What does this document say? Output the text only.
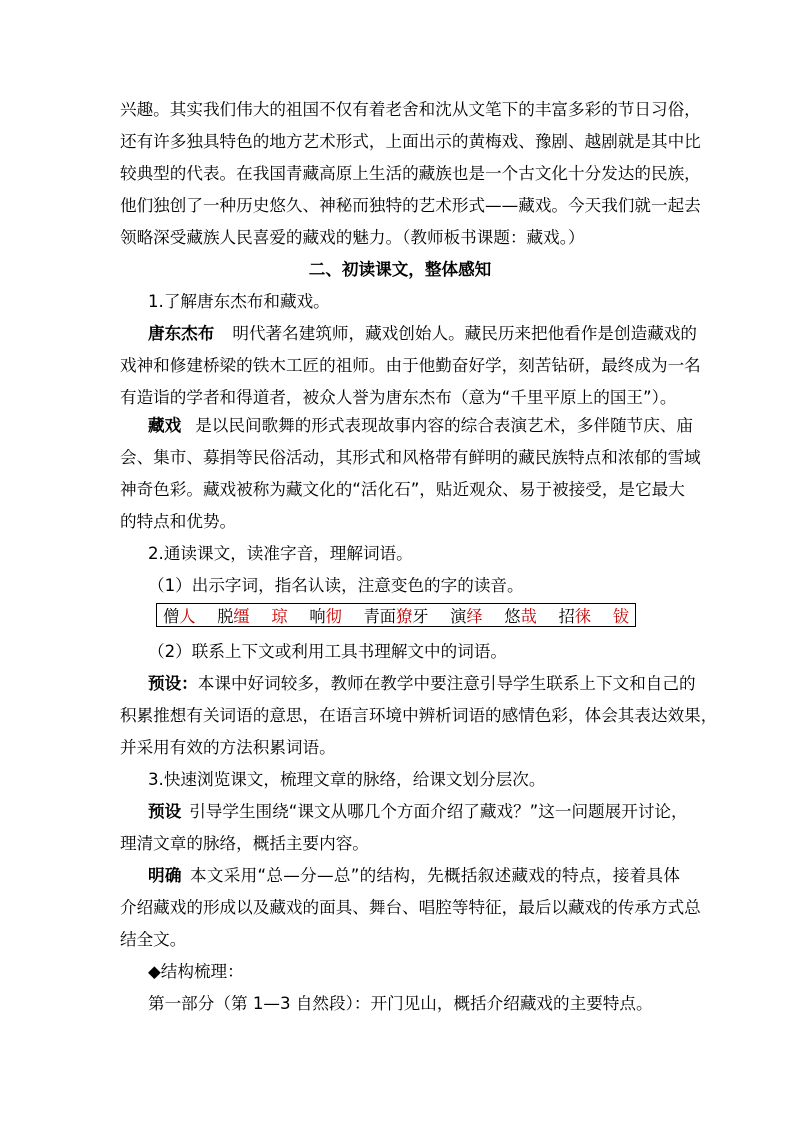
兴趣。其实我们伟大的祖国不仅有着老舍和沈从文笔下的丰富多彩的节日习俗，
还有许多独具特色的地方艺术形式，上面出示的黄梅戏、豫剧、越剧就是其中比
较典型的代表。在我国青藏高原上生活的藏族也是一个古文化十分发达的民族，
他们独创了一种历史悠久、神秘而独特的艺术形式——藏戏。今天我们就一起去
领略深受藏族人民喜爱的藏戏的魅力。（教师板书课题：藏戏。）
二、初读课文，整体感知
1.了解唐东杰布和藏戏。
唐东杰布 明代著名建筑师，藏戏创始人。藏民历来把他看作是创造藏戏的
戏神和修建桥梁的铁木工匠的祖师。由于他勤奋好学，刻苦钻研，最终成为一名
有造诣的学者和得道者，被众人誉为唐东杰布（意为“千里平原上的国王”）。
藏戏 是以民间歌舞的形式表现故事内容的综合表演艺术，多伴随节庆、庙
会、集市、募捐等民俗活动，其形式和风格带有鲜明的藏民族特点和浓郁的雪域
神奇色彩。藏戏被称为藏文化的“活化石”，贴近观众、易于被接受，是它最大
的特点和优势。
2.通读课文，读准字音，理解词语。
（1）出示字词，指名认读，注意变色的字的读音。
僧人 脱缰 琼 响彻 青面獠牙 演绎 悠哉 招徕 钹
（2）联系上下文或利用工具书理解文中的词语。
预设：本课中好词较多，教师在教学中要注意引导学生联系上下文和自己的
积累推想有关词语的意思，在语言环境中辨析词语的感情色彩，体会其表达效果，
并采用有效的方法积累词语。
3.快速浏览课文，梳理文章的脉络，给课文划分层次。
预设 引导学生围绕“课文从哪几个方面介绍了藏戏？”这一问题展开讨论，
理清文章的脉络，概括主要内容。
明确 本文采用“总—分—总”的结构，先概括叙述藏戏的特点，接着具体
介绍藏戏的形成以及藏戏的面具、舞台、唱腔等特征，最后以藏戏的传承方式总
结全文。
◆结构梳理：
第一部分（第 1—3 自然段）：开门见山，概括介绍藏戏的主要特点。
